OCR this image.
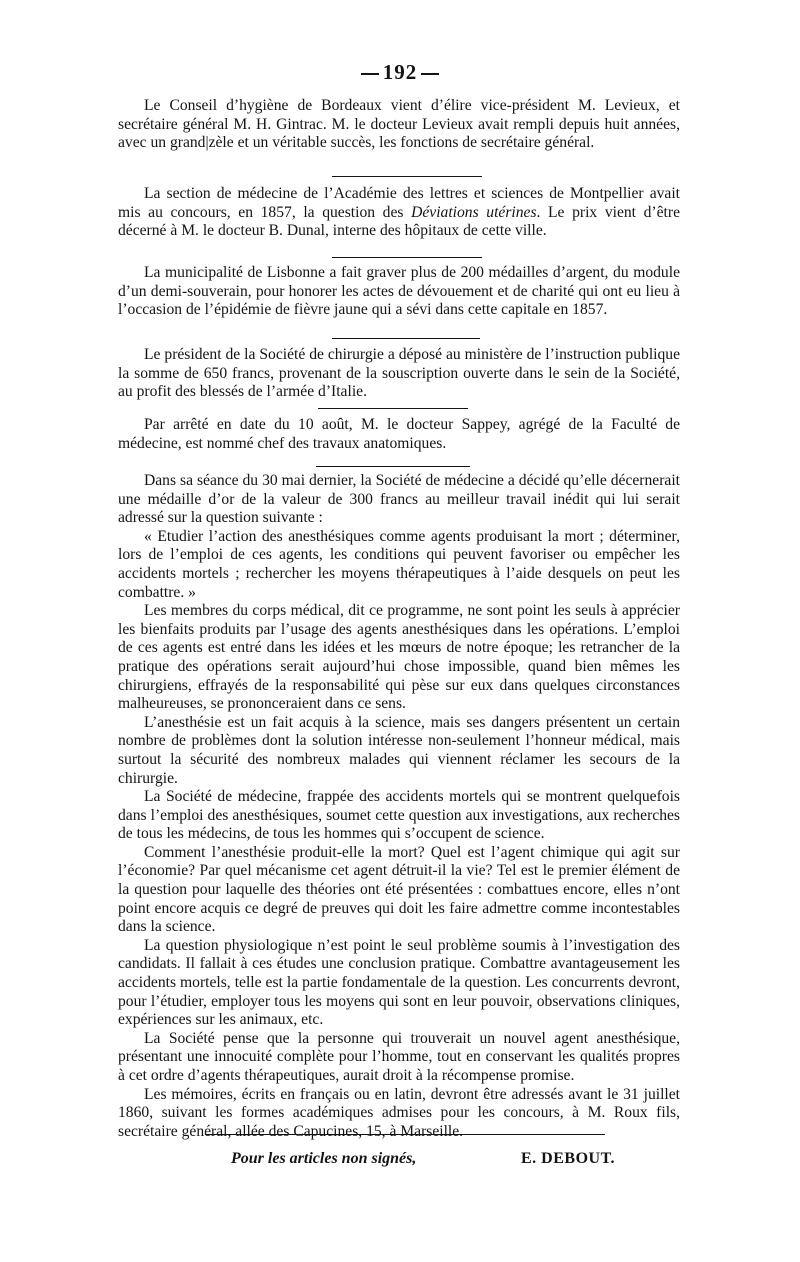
192

Le Conseil d’hygiène de Bordeaux vient d’élire vice-président M. Levieux, et secrétaire général M. H. Gintrac. M. le docteur Levieux avait rempli depuis huit années, avec un grand|zèle et un véritable succès, les fonctions de secrétaire général.

La section de médecine de l’Académie des lettres et sciences de Montpellier avait mis au concours, en 1857, la question des Déviations utérines. Le prix vient d’être décerné à M. le docteur B. Dunal, interne des hôpitaux de cette ville.

La municipalité de Lisbonne a fait graver plus de 200 médailles d’argent, du module d’un demi-souverain, pour honorer les actes de dévouement et de charité qui ont eu lieu à l’occasion de l’épidémie de fièvre jaune qui a sévi dans cette capitale en 1857.

Le président de la Société de chirurgie a déposé au ministère de l’instruction publique la somme de 650 francs, provenant de la souscription ouverte dans le sein de la Société, au profit des blessés de l’armée d’Italie.

Par arrêté en date du 10 août, M. le docteur Sappey, agrégé de la Faculté de médecine, est nommé chef des travaux anatomiques.

Dans sa séance du 30 mai dernier, la Société de médecine a décidé qu’elle décernerait une médaille d’or de la valeur de 300 francs au meilleur travail inédit qui lui serait adressé sur la question suivante :

« Etudier l’action des anesthésiques comme agents produisant la mort ; déterminer, lors de l’emploi de ces agents, les conditions qui peuvent favoriser ou empêcher les accidents mortels ; rechercher les moyens thérapeutiques à l’aide desquels on peut les combattre. »

Les membres du corps médical, dit ce programme, ne sont point les seuls à apprécier les bienfaits produits par l’usage des agents anesthésiques dans les opérations. L’emploi de ces agents est entré dans les idées et les mœurs de notre époque; les retrancher de la pratique des opérations serait aujourd’hui chose impossible, quand bien mêmes les chirurgiens, effrayés de la responsabilité qui pèse sur eux dans quelques circonstances malheureuses, se prononceraient dans ce sens.

L’anesthésie est un fait acquis à la science, mais ses dangers présentent un certain nombre de problèmes dont la solution intéresse non-seulement l’honneur médical, mais surtout la sécurité des nombreux malades qui viennent réclamer les secours de la chirurgie.

La Société de médecine, frappée des accidents mortels qui se montrent quelquefois dans l’emploi des anesthésiques, soumet cette question aux investigations, aux recherches de tous les médecins, de tous les hommes qui s’occupent de science.

Comment l’anesthésie produit-elle la mort? Quel est l’agent chimique qui agit sur l’économie? Par quel mécanisme cet agent détruit-il la vie? Tel est le premier élément de la question pour laquelle des théories ont été présentées : combattues encore, elles n’ont point encore acquis ce degré de preuves qui doit les faire admettre comme incontestables dans la science.

La question physiologique n’est point le seul problème soumis à l’investigation des candidats. Il fallait à ces études une conclusion pratique. Combattre avantageusement les accidents mortels, telle est la partie fondamentale de la question. Les concurrents devront, pour l’étudier, employer tous les moyens qui sont en leur pouvoir, observations cliniques, expériences sur les animaux, etc.

La Société pense que la personne qui trouverait un nouvel agent anesthésique, présentant une innocuité complète pour l’homme, tout en conservant les qualités propres à cet ordre d’agents thérapeutiques, aurait droit à la récompense promise.

Les mémoires, écrits en français ou en latin, devront être adressés avant le 31 juillet 1860, suivant les formes académiques admises pour les concours, à M. Roux fils, secrétaire général, allée des Capucines, 15, à Marseille.

Pour les articles non signés,	E. DEBOUT.
